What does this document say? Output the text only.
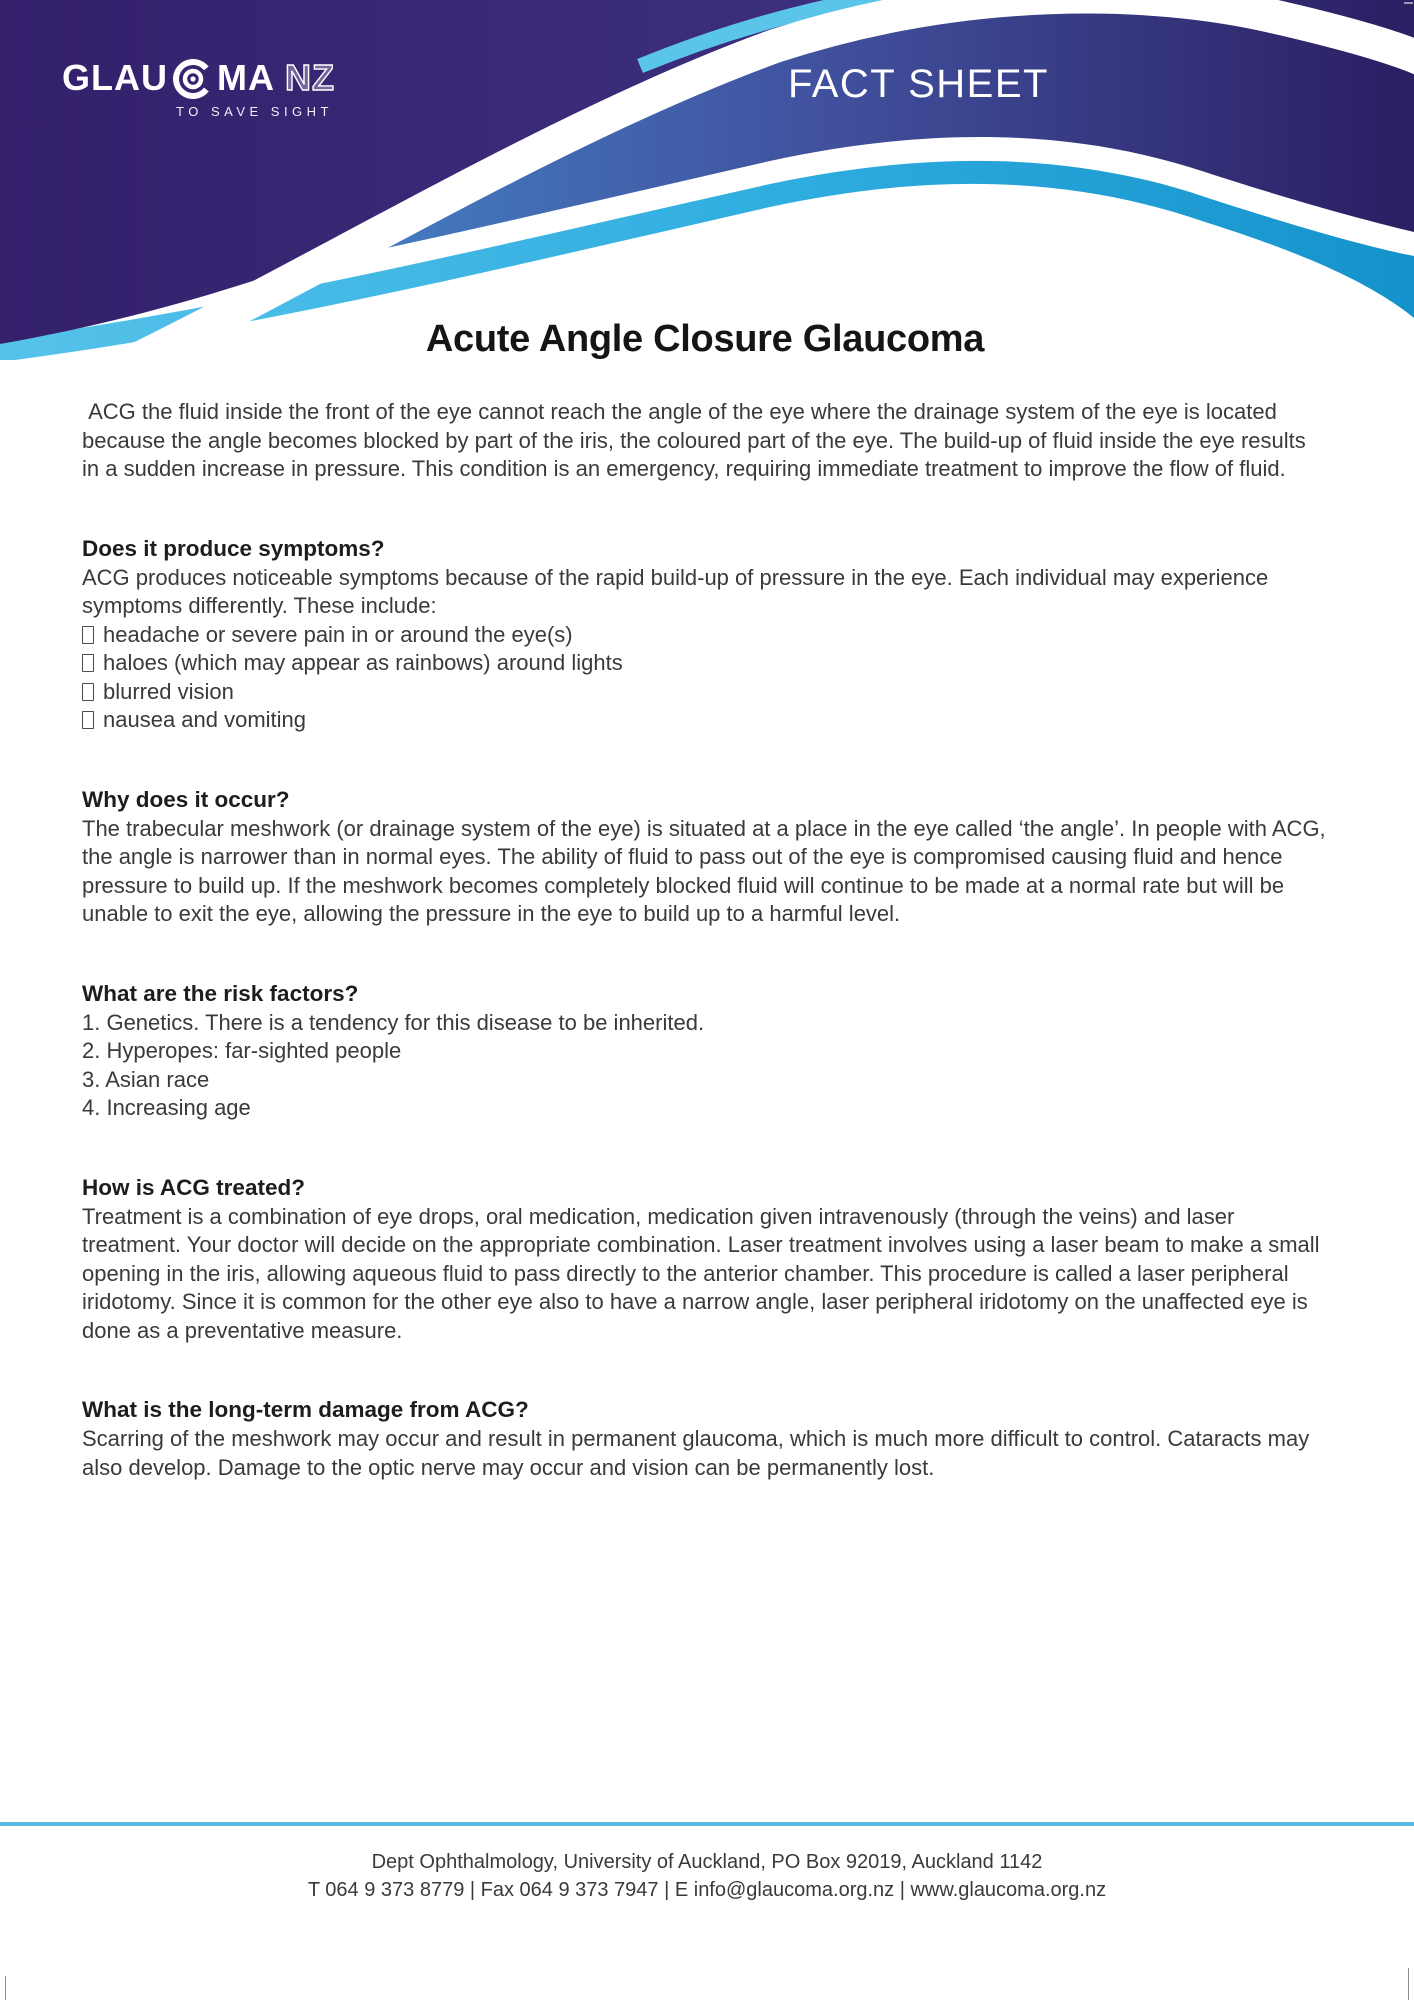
GLAU MA NZ
TO SAVE SIGHT
FACT SHEET
Acute Angle Closure Glaucoma

ACG the fluid inside the front of the eye cannot reach the angle of the eye where the drainage system of the eye is located because the angle becomes blocked by part of the iris, the coloured part of the eye. The build-up of fluid inside the eye results in a sudden increase in pressure. This condition is an emergency, requiring immediate treatment to improve the flow of fluid.

Does it produce symptoms?

ACG produces noticeable symptoms because of the rapid build-up of pressure in the eye. Each individual may experience symptoms differently. These include:

headache or severe pain in or around the eye(s)
haloes (which may appear as rainbows) around lights
blurred vision
nausea and vomiting
Why does it occur?

The trabecular meshwork (or drainage system of the eye) is situated at a place in the eye called ‘the angle’. In people with ACG, the angle is narrower than in normal eyes. The ability of fluid to pass out of the eye is compromised causing fluid and hence pressure to build up. If the meshwork becomes completely blocked fluid will continue to be made at a normal rate but will be unable to exit the eye, allowing the pressure in the eye to build up to a harmful level.

What are the risk factors?

1. Genetics. There is a tendency for this disease to be inherited.

2. Hyperopes: far-sighted people

3. Asian race

4. Increasing age

How is ACG treated?

Treatment is a combination of eye drops, oral medication, medication given intravenously (through the veins) and laser treatment. Your doctor will decide on the appropriate combination. Laser treatment involves using a laser beam to make a small opening in the iris, allowing aqueous fluid to pass directly to the anterior chamber. This procedure is called a laser peripheral iridotomy. Since it is common for the other eye also to have a narrow angle, laser peripheral iridotomy on the unaffected eye is done as a preventative measure.

What is the long-term damage from ACG?

Scarring of the meshwork may occur and result in permanent glaucoma, which is much more difficult to control. Cataracts may also develop. Damage to the optic nerve may occur and vision can be permanently lost.

Dept Ophthalmology, University of Auckland, PO Box 92019, Auckland 1142
T 064 9 373 8779 | Fax 064 9 373 7947 | E info@glaucoma.org.nz | www.glaucoma.org.nz
